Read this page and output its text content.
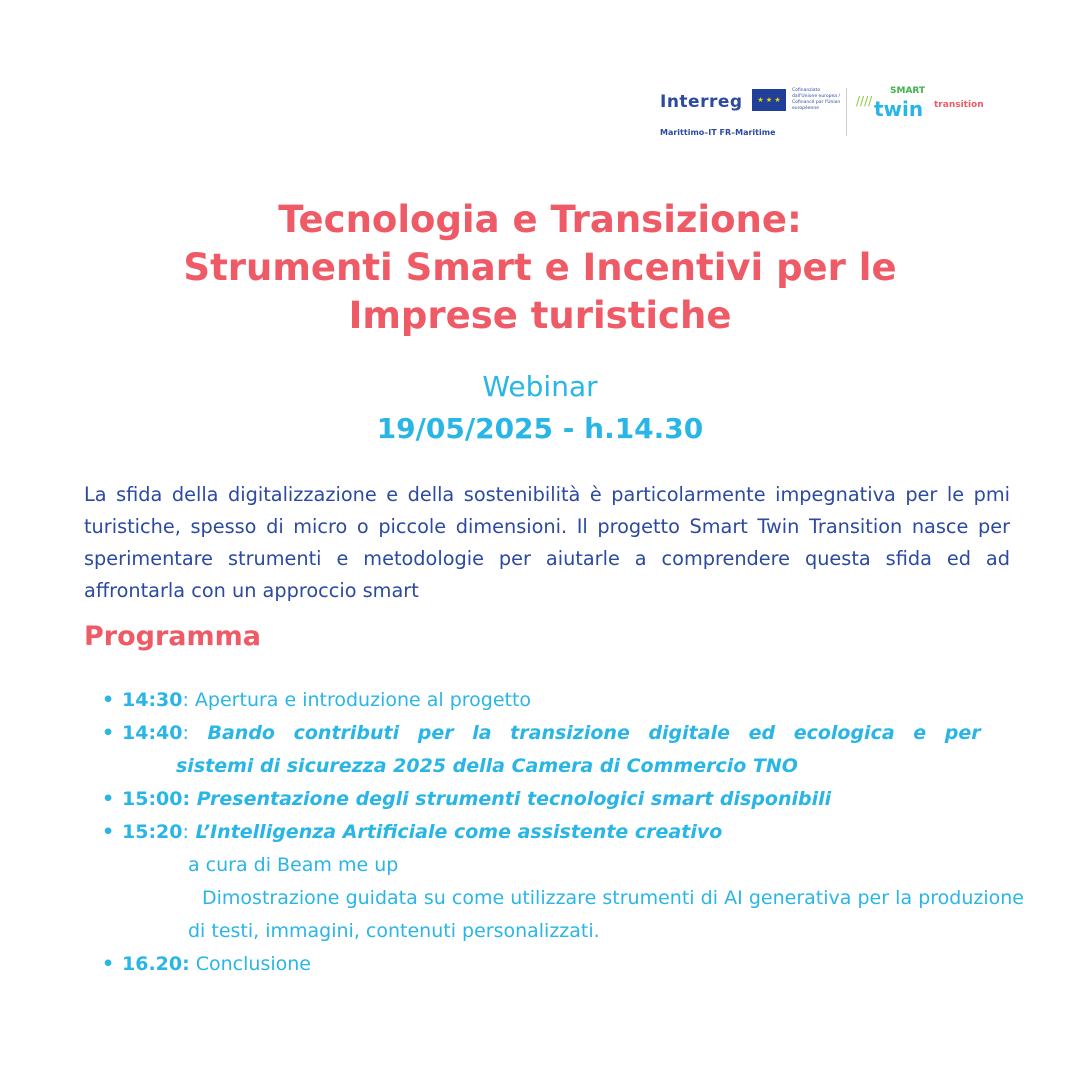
Interreg	★ ★ ★
Cofinanziato dall'Unione europea / Cofinancé par l'Union européenne
Marittimo–IT FR–Maritime
////
SMART
twin transition
Tecnologia e Transizione:
Strumenti Smart e Incentivi per le
Imprese turistiche
Webinar
19/05/2025 - h.14.30
La sfida della digitalizzazione e della sostenibilità è particolarmente impegnativa per le pmi turistiche, spesso di micro o piccole dimensioni. Il progetto Smart Twin Transition nasce per sperimentare strumenti e metodologie per aiutarle a comprendere questa sfida ed ad affrontarla con un approccio smart
Programma
• 14:30: Apertura e introduzione al progetto
• 14:40: Bando contributi per la transizione digitale ed ecologica e per
sistemi di sicurezza 2025 della Camera di Commercio TNO
• 15:00: Presentazione degli strumenti tecnologici smart disponibili
• 15:20: L’Intelligenza Artificiale come assistente creativo
a cura di Beam me up
Dimostrazione guidata su come utilizzare strumenti di AI generativa per la produzione di testi, immagini, contenuti personalizzati.
• 16.20: Conclusione
